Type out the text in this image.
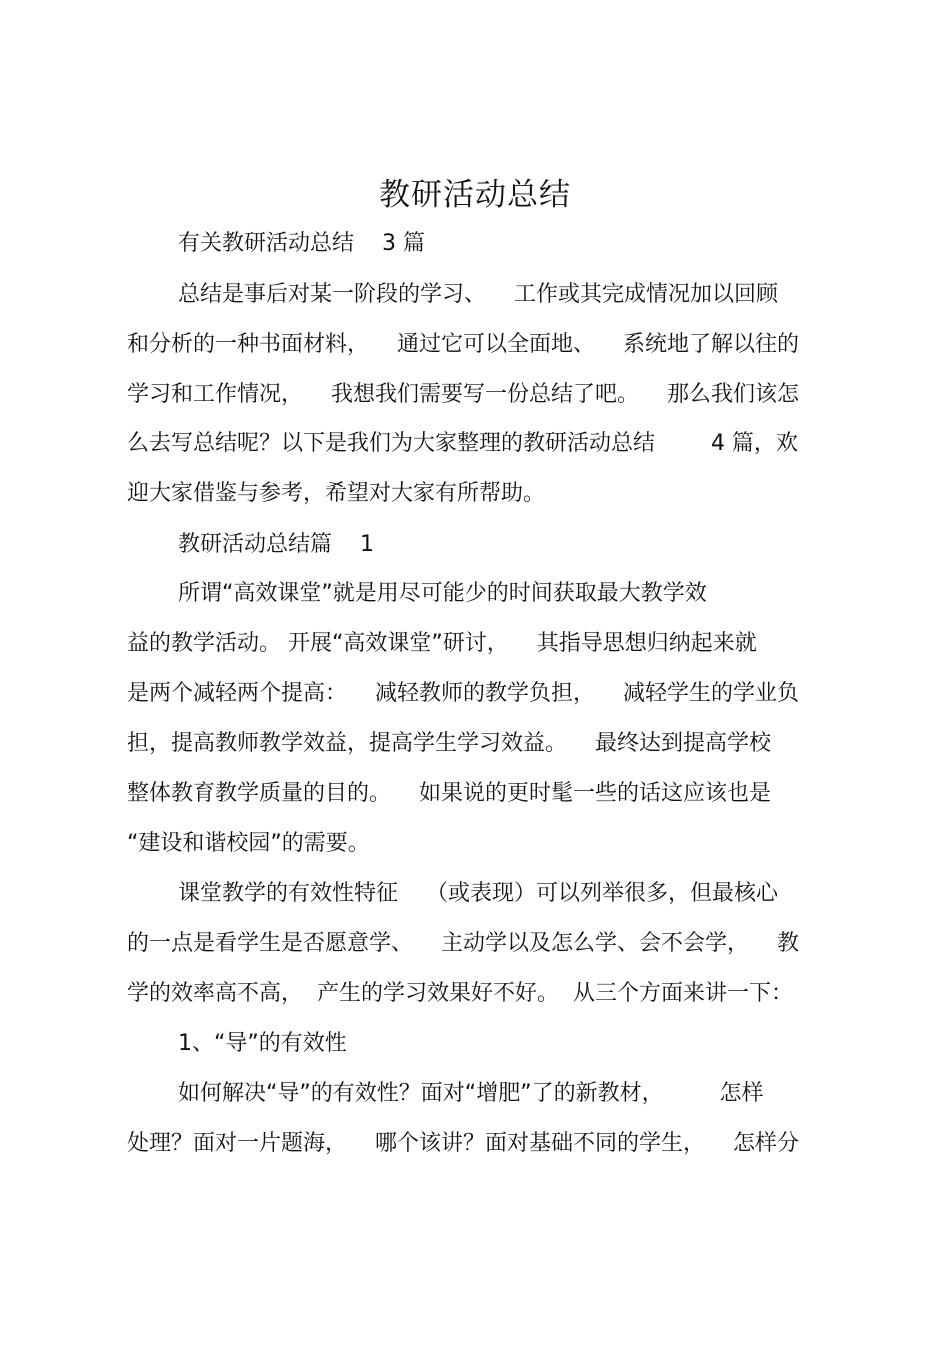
教研活动总结
有关教研活动总结    3 篇
总结是事后对某一阶段的学习、    工作或其完成情况加以回顾
和分析的一种书面材料，    通过它可以全面地、    系统地了解以往的
学习和工作情况，    我想我们需要写一份总结了吧。    那么我们该怎
么去写总结呢？以下是我们为大家整理的教研活动总结        4 篇，欢
迎大家借鉴与参考，希望对大家有所帮助。
教研活动总结篇    1
所谓“高效课堂”就是用尽可能少的时间获取最大教学效
益的教学活动。 开展“高效课堂”研讨，    其指导思想归纳起来就
是两个减轻两个提高：    减轻教师的教学负担，    减轻学生的学业负
担，提高教师教学效益，提高学生学习效益。    最终达到提高学校
整体教育教学质量的目的。    如果说的更时髦一些的话这应该也是
“建设和谐校园”的需要。
课堂教学的有效性特征    （或表现）可以列举很多，但最核心
的一点是看学生是否愿意学、    主动学以及怎么学、会不会学，    教
学的效率高不高，  产生的学习效果好不好。  从三个方面来讲一下：
1、“导”的有效性
如何解决“导”的有效性？面对“增肥”了的新教材，        怎样
处理？面对一片题海，    哪个该讲？面对基础不同的学生，    怎样分
